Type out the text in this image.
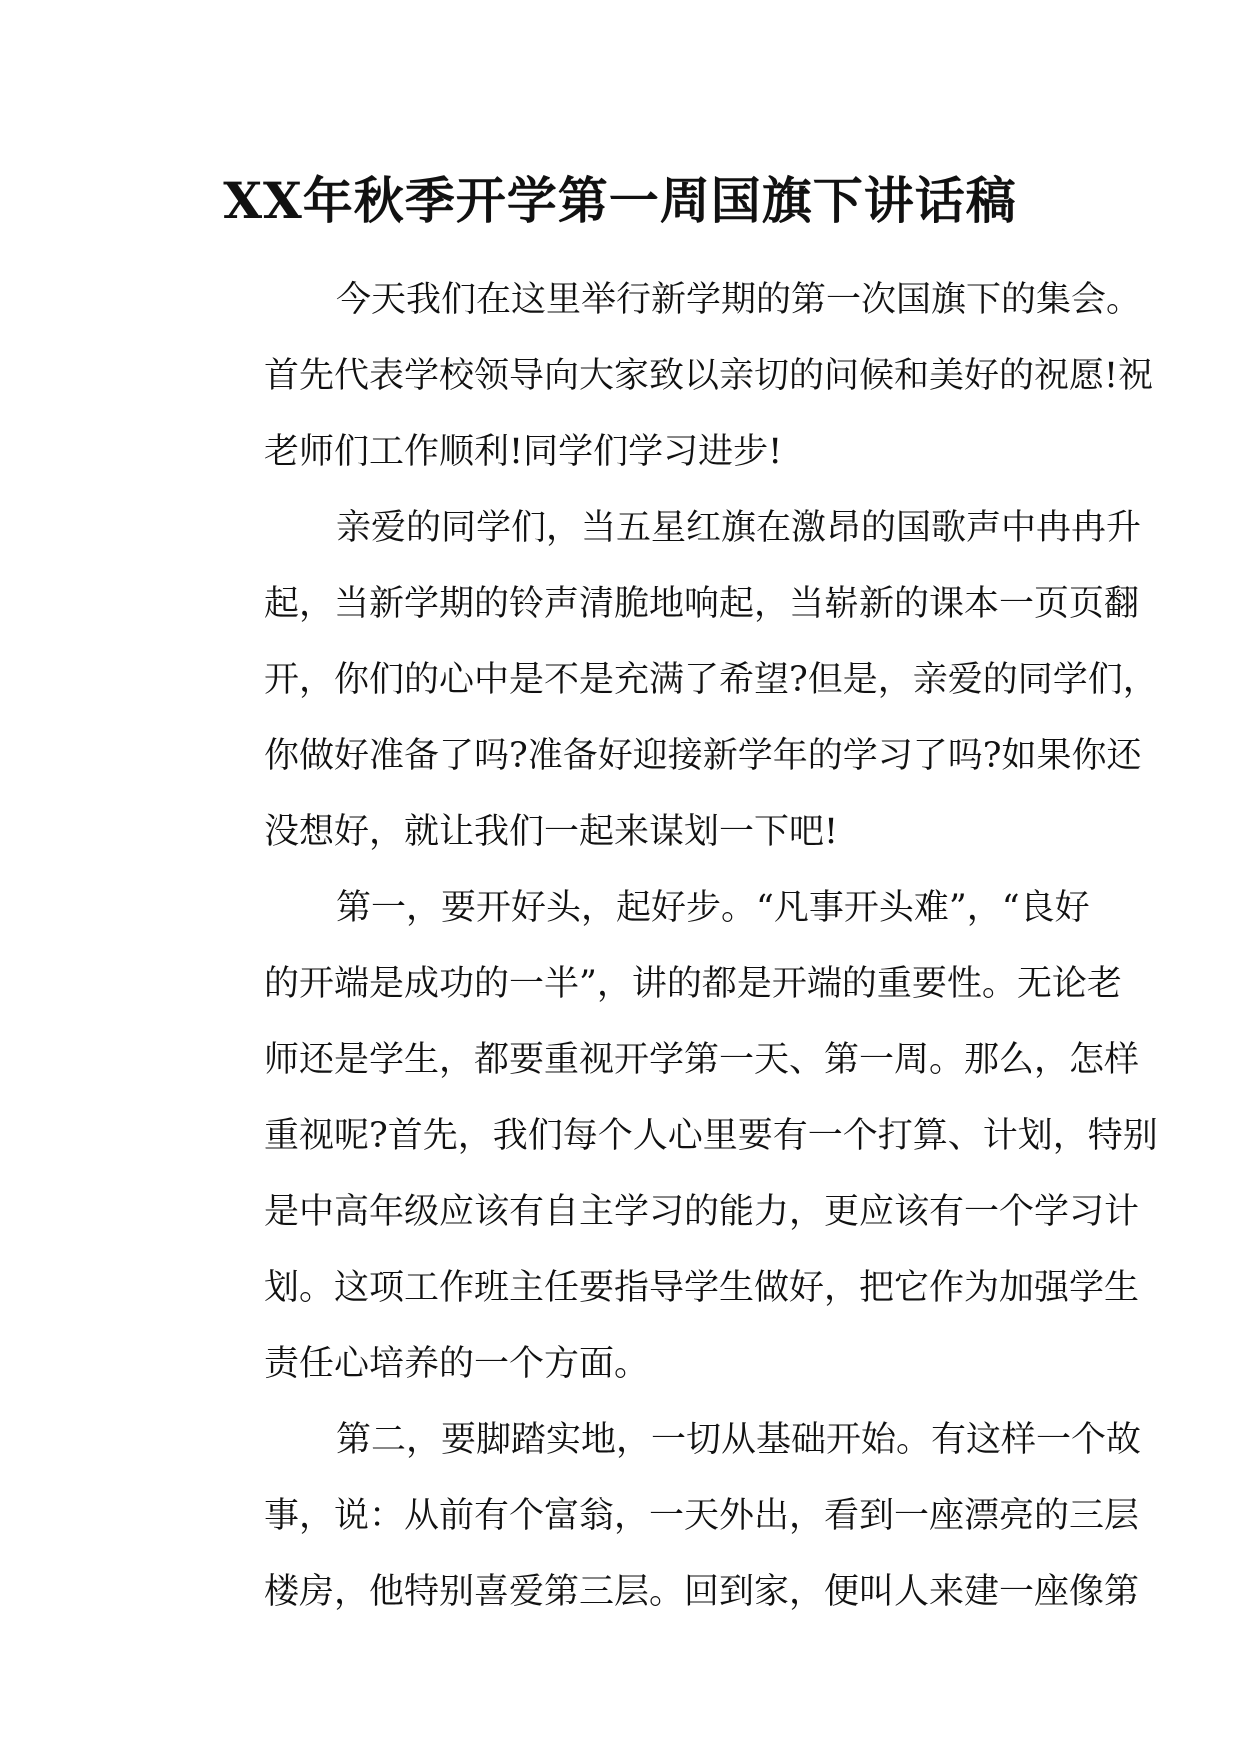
XX年秋季开学第一周国旗下讲话稿
今天我们在这里举行新学期的第一次国旗下的集会。
首先代表学校领导向大家致以亲切的问候和美好的祝愿!祝
老师们工作顺利!同学们学习进步!
亲爱的同学们，当五星红旗在激昂的国歌声中冉冉升
起，当新学期的铃声清脆地响起，当崭新的课本一页页翻
开，你们的心中是不是充满了希望?但是，亲爱的同学们，
你做好准备了吗?准备好迎接新学年的学习了吗?如果你还
没想好，就让我们一起来谋划一下吧!
第一，要开好头，起好步。“凡事开头难”，“良好
的开端是成功的一半”，讲的都是开端的重要性。无论老
师还是学生，都要重视开学第一天、第一周。那么，怎样
重视呢?首先，我们每个人心里要有一个打算、计划，特别
是中高年级应该有自主学习的能力，更应该有一个学习计
划。这项工作班主任要指导学生做好，把它作为加强学生
责任心培养的一个方面。
第二，要脚踏实地，一切从基础开始。有这样一个故
事，说：从前有个富翁，一天外出，看到一座漂亮的三层
楼房，他特别喜爱第三层。回到家，便叫人来建一座像第
